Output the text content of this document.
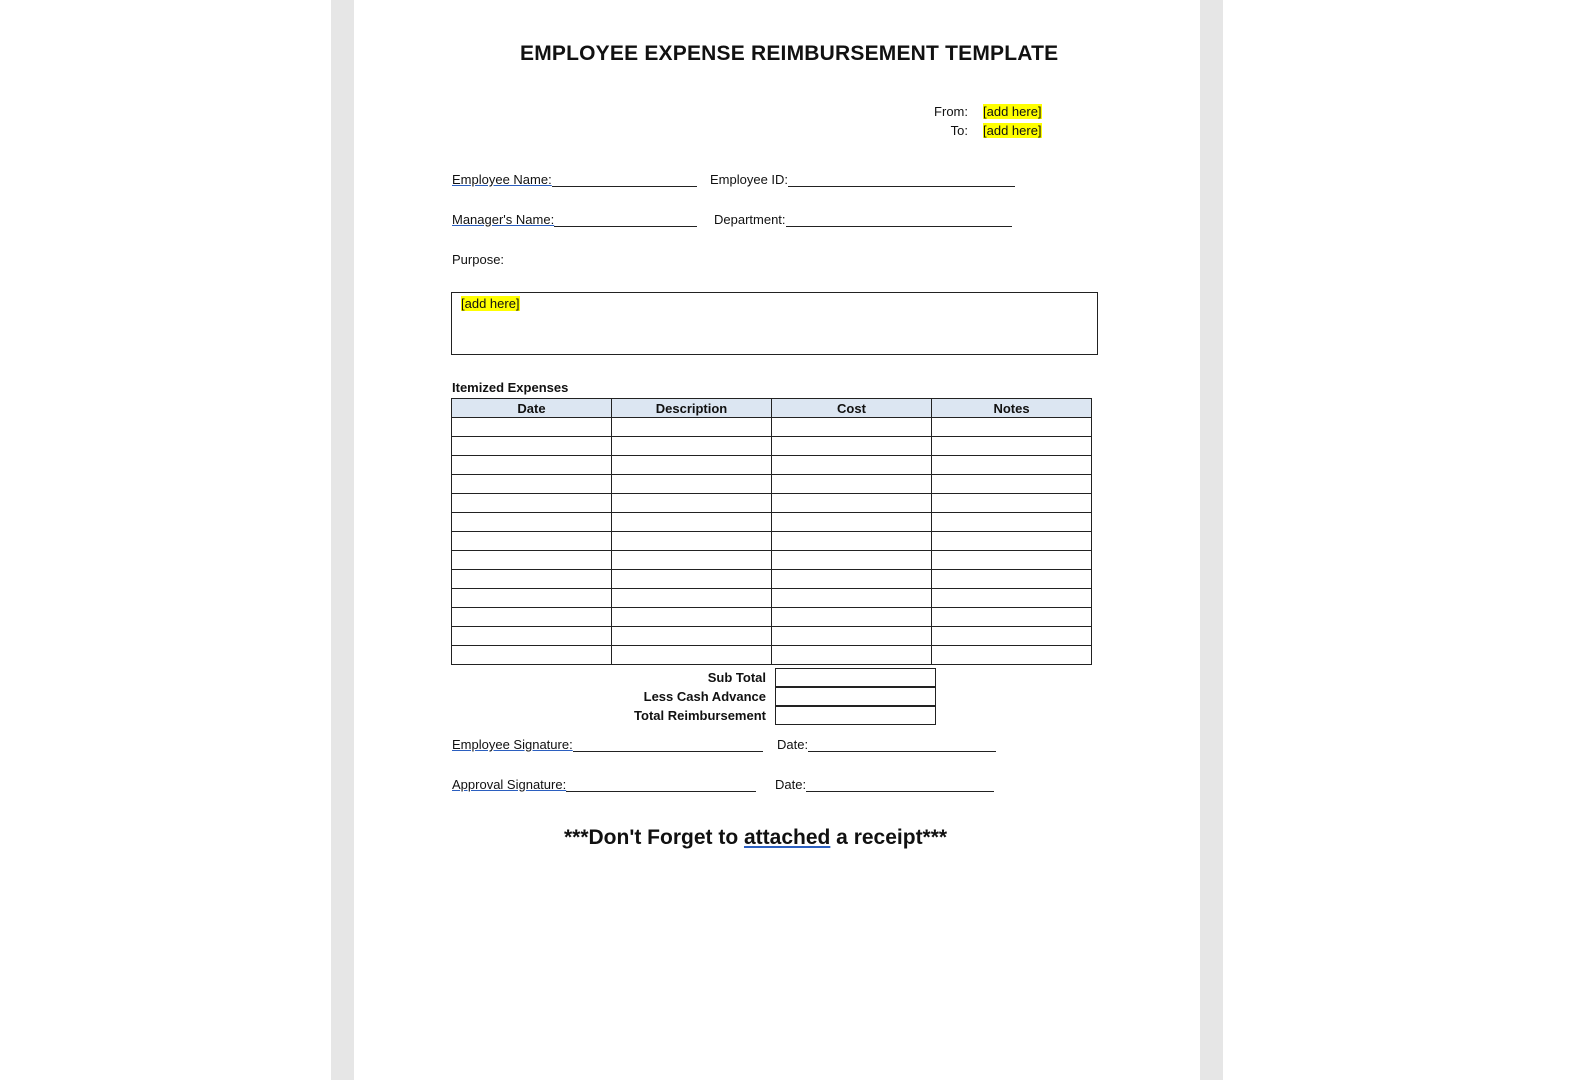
EMPLOYEE EXPENSE REIMBURSEMENT TEMPLATE
From: [add here]
To: [add here]
Employee Name:	Employee ID:
Manager's Name:	Department:
Purpose:
[add here]
Itemized Expenses
Date	Description	Cost	Notes

Sub Total
Less Cash Advance
Total Reimbursement
Employee Signature:	Date:
Approval Signature:	Date:
***Don't Forget to attached a receipt***
